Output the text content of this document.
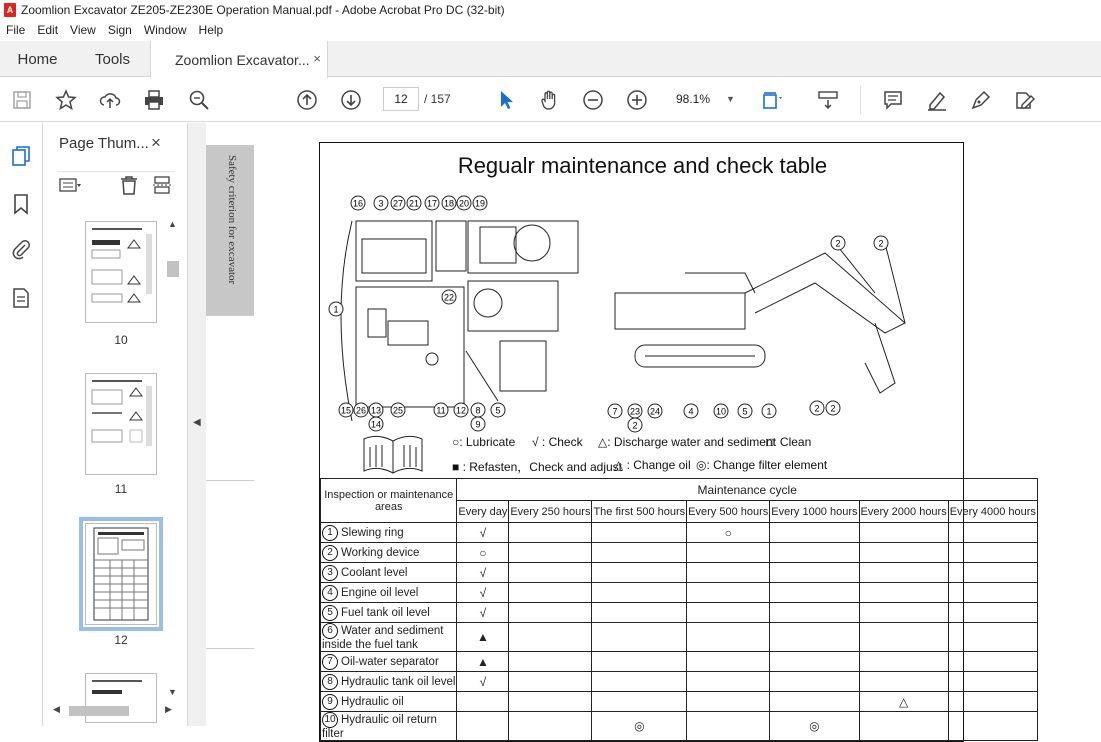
A Zoomlion Excavator ZE205-ZE230E Operation Manual.pdf - Adobe Acrobat Pro DC (32-bit)
File	Edit	View	Sign	Window	Help
Home	Tools	Zoomlion Excavator... ×
12	/ 157	98.1% ▼
Page Thum... ×
10
11
12
▲
▼
◀	▶
◀
Safety criterion for excavator	Regualr maintenance and check table
16 3 27 21 17 18 20 19
22
1
15 26 13
14
25	11 12 8
9
5
2	2
7 23 24	4 10 5 1
2
2 2
○: Lubricate √ : Check △: Discharge water and sediment
□: Clean
■ : Refasten，Check and adjust
△ : Change oil ◎: Change filter element
Inspection or maintenance areas	Maintenance cycle						
	Every day	Every 250 hours	The first 500 hours	Every 500 hours	Every 1000 hours	Every 2000 hours	Every 4000 hours
1 Slewing ring	√			○			
2 Working device	○						
3 Coolant level	√						
4 Engine oil level	√						
5 Fuel tank oil level	√						
6 Water and sediment inside the fuel tank	▲						
7 Oil-water separator	▲						
8 Hydraulic tank oil level	√						
9 Hydraulic oil						△	
10 Hydraulic oil return filter			◎		◎		
